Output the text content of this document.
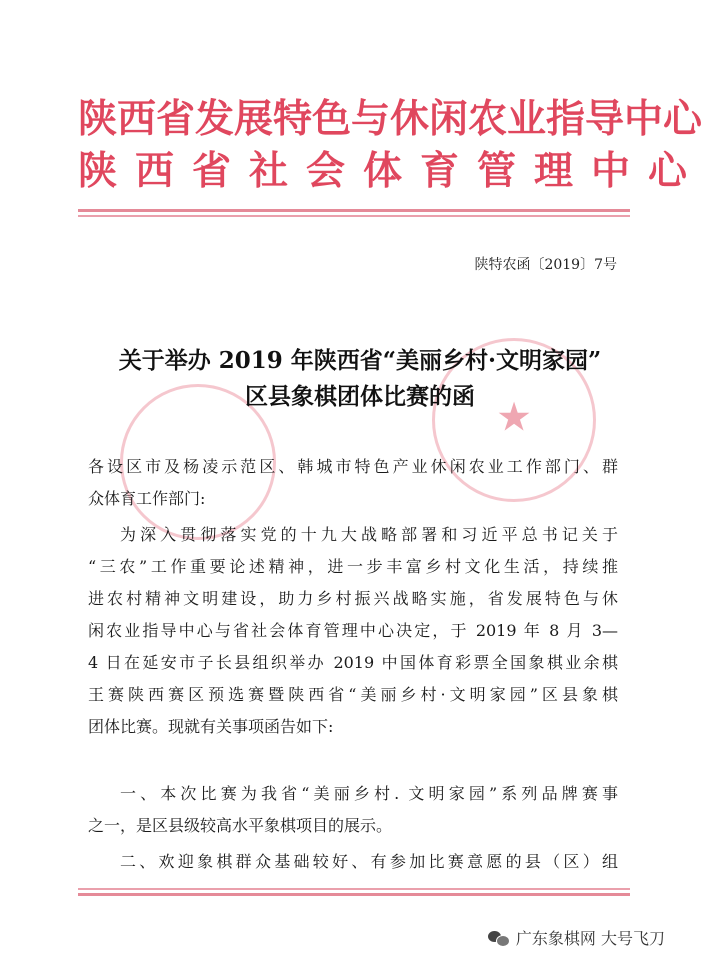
陕西省发展特色与休闲农业指导中心
陕西省社会体育管理中心
陕特农函〔2019〕7号
★
关于举办 2019 年陕西省“美丽乡村·文明家园”
区县象棋团体比赛的函
各设区市及杨凌示范区、韩城市特色产业休闲农业工作部门、群
众体育工作部门:
为深入贯彻落实党的十九大战略部署和习近平总书记关于
“三农”工作重要论述精神，进一步丰富乡村文化生活，持续推
进农村精神文明建设，助力乡村振兴战略实施，省发展特色与休
闲农业指导中心与省社会体育管理中心决定，于 2019 年 8 月 3—
4 日在延安市子长县组织举办 2019 中国体育彩票全国象棋业余棋
王赛陕西赛区预选赛暨陕西省“美丽乡村·文明家园”区县象棋
团体比赛。现就有关事项函告如下:
一、本次比赛为我省“美丽乡村. 文明家园”系列品牌赛事
之一，是区县级较高水平象棋项目的展示。
二、欢迎象棋群众基础较好、有参加比赛意愿的县（区）组
广东象棋网 大号飞刀
